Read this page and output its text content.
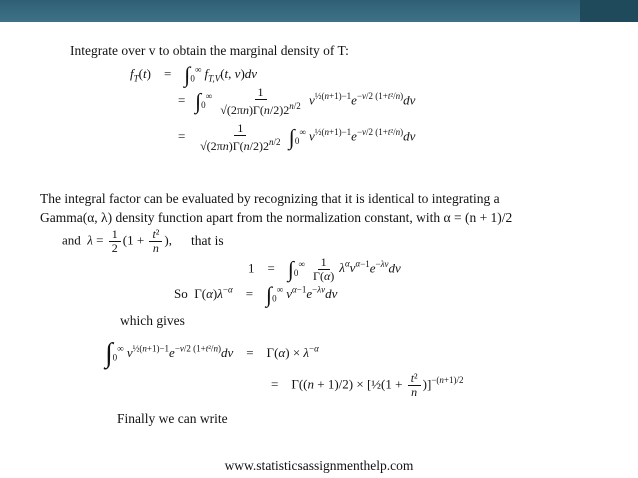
Integrate over v to obtain the marginal density of T:
$f_T(t)$    =    $\int_0^\infty$ $f_{T,V}(t$, v)dv
=   $\int_0^\infty \frac{1}{√(2\pi n)\Gamma(n/2)2^{n/2}} v^{\frac{1}{2}(n+1)-1}e^{-v/2 (1+t^2/n)}dv$
= $\frac{1}{√(2\pi n)\Gamma(n/2)2^{n/2}} \int_0^\infty$ $v^{\frac{1}{2}(n+1)-1}e^{-v/2 (1+t^2/n)}dv$
The integral factor can be evaluated by recognizing that it is identical to integrating a
Gamma(α, λ) density function apart from the normalization constant, with α = (n + 1)/2
and  $\lambda = \frac{1}{2} (1 + \frac{\text{t²}}{n}$ ), that is
1    =    $\int_0^\infty \frac{1}{\Gamma(\alpha)} \lambda^\alpha v^{\alpha-1}e^{-\lambda v}dv$
So  $\Gamma(\alpha)\lambda^{-\alpha}$    =    $\int_0^\infty$ $v^{\alpha-1}e^{-\lambda v}dv$
which gives
$\int_0^\infty$ $v^{\frac{1}{2}(n+1)-1}e^{-v/2 (1+t^2/n)}dv$    =    $\Gamma(\alpha) \times \lambda^{-\alpha}$
=    Γ((n + 1)/2) × [½(1 + $\frac{\text{t²}}{n} )]^{-(n+1)/2}$
Finally we can write
www.statisticsassignmenthelp.com
